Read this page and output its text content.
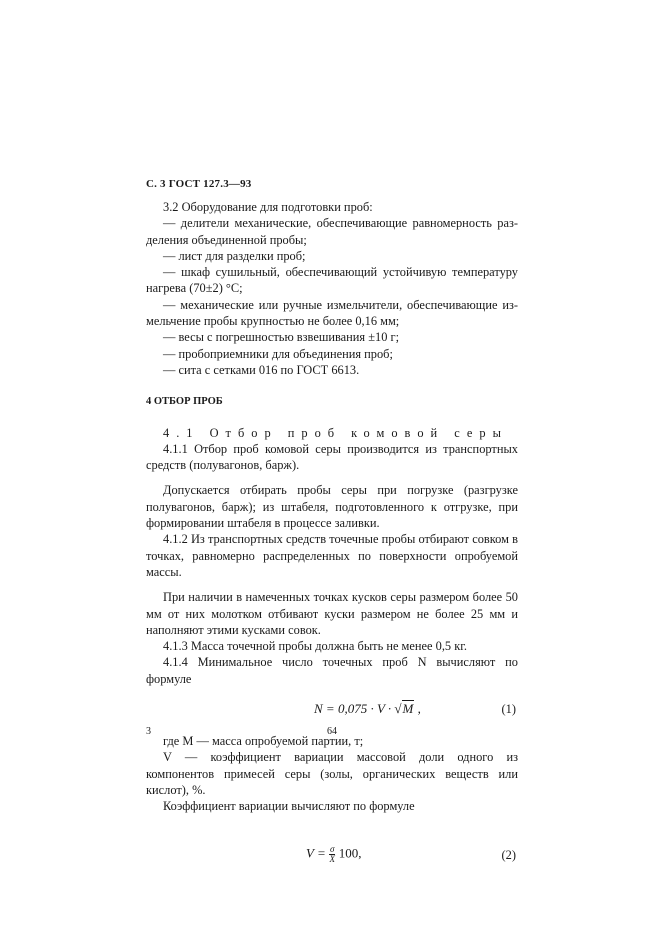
С. 3 ГОСТ 127.3—93

3.2 Оборудование для подготовки проб:

— делители механические, обеспечивающие равномерность раз-деления объединенной пробы;

— лист для разделки проб;

— шкаф сушильный, обеспечивающий устойчивую температуру нагрева (70±2) °С;

— механические или ручные измельчители, обеспечивающие из-мельчение пробы крупностью не более 0,16 мм;

— весы с погрешностью взвешивания ±10 г;

— пробоприемники для объединения проб;

— сита с сетками 016 по ГОСТ 6613.

4 ОТБОР ПРОБ

4.1 Отбор проб комовой серы

4.1.1 Отбор проб комовой серы производится из транспортных средств (полувагонов, барж).

Допускается отбирать пробы серы при погрузке (разгрузке полувагонов, барж); из штабеля, подготовленного к отгрузке, при формировании штабеля в процессе заливки.

4.1.2 Из транспортных средств точечные пробы отбирают совком в точках, равномерно распределенных по поверхности опробуемой массы.

При наличии в намеченных точках кусков серы размером более 50 мм от них молотком отбивают куски размером не более 25 мм и наполняют этими кусками совок.

4.1.3 Масса точечной пробы должна быть не менее 0,5 кг.

4.1.4 Минимальное число точечных проб N вычисляют по формуле

N = 0,075 · V · √M ,	(1)

где М — масса опробуемой партии, т;

V — коэффициент вариации массовой доли одного из компонентов примесей серы (золы, органических веществ или кислот), %.

Коэффициент вариации вычисляют по формуле

$V = \frac{\sigma}{X̄} 100$,	(2)
3	64
